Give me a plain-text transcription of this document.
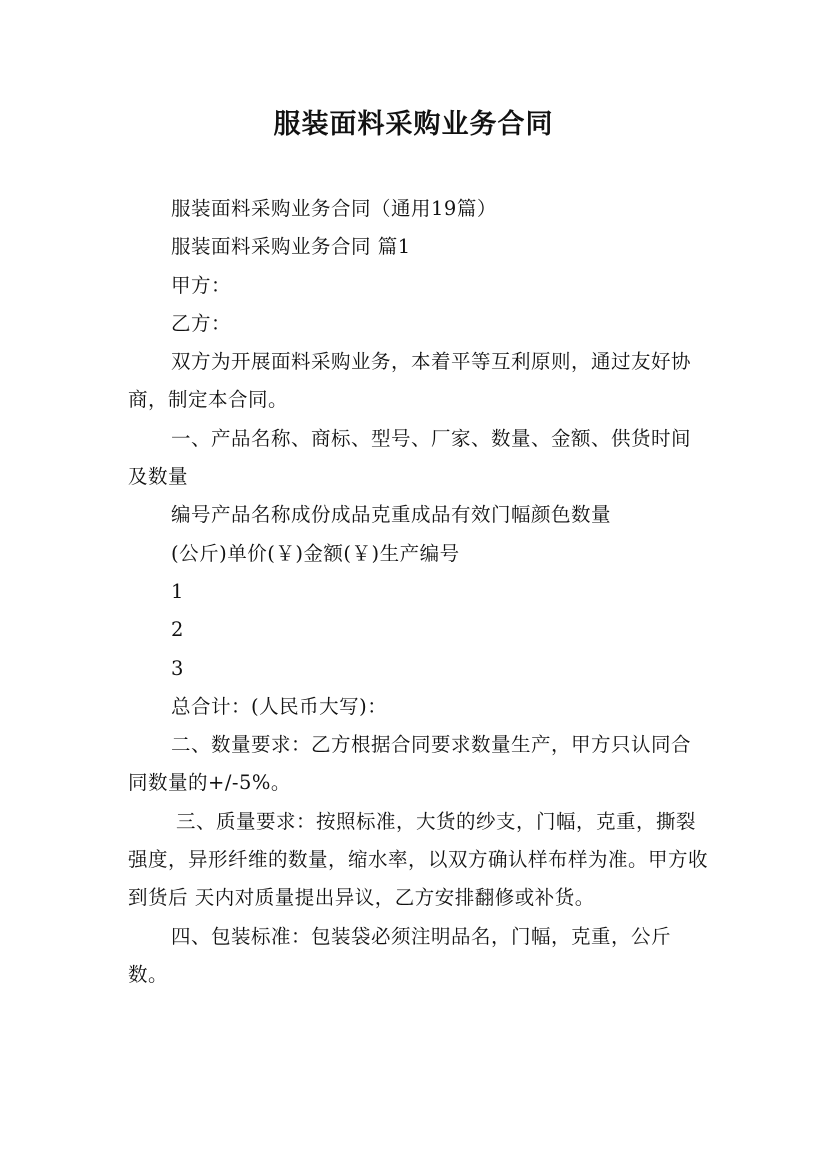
服装面料采购业务合同

服装面料采购业务合同（通用19篇）

服装面料采购业务合同 篇1

甲方：

乙方：

双方为开展面料采购业务，本着平等互利原则，通过友好协商，制定本合同。

一、产品名称、商标、型号、厂家、数量、金额、供货时间及数量

编号产品名称成份成品克重成品有效门幅颜色数量

(公斤)单价(￥)金额(￥)生产编号

1

2

3

总合计：(人民币大写)：

二、数量要求：乙方根据合同要求数量生产，甲方只认同合同数量的+/-5%。

三、质量要求：按照标准，大货的纱支，门幅，克重，撕裂强度，异形纤维的数量，缩水率，以双方确认样布样为准。甲方收到货后 天内对质量提出异议，乙方安排翻修或补货。

四、包装标准：包装袋必须注明品名，门幅，克重，公斤数。
